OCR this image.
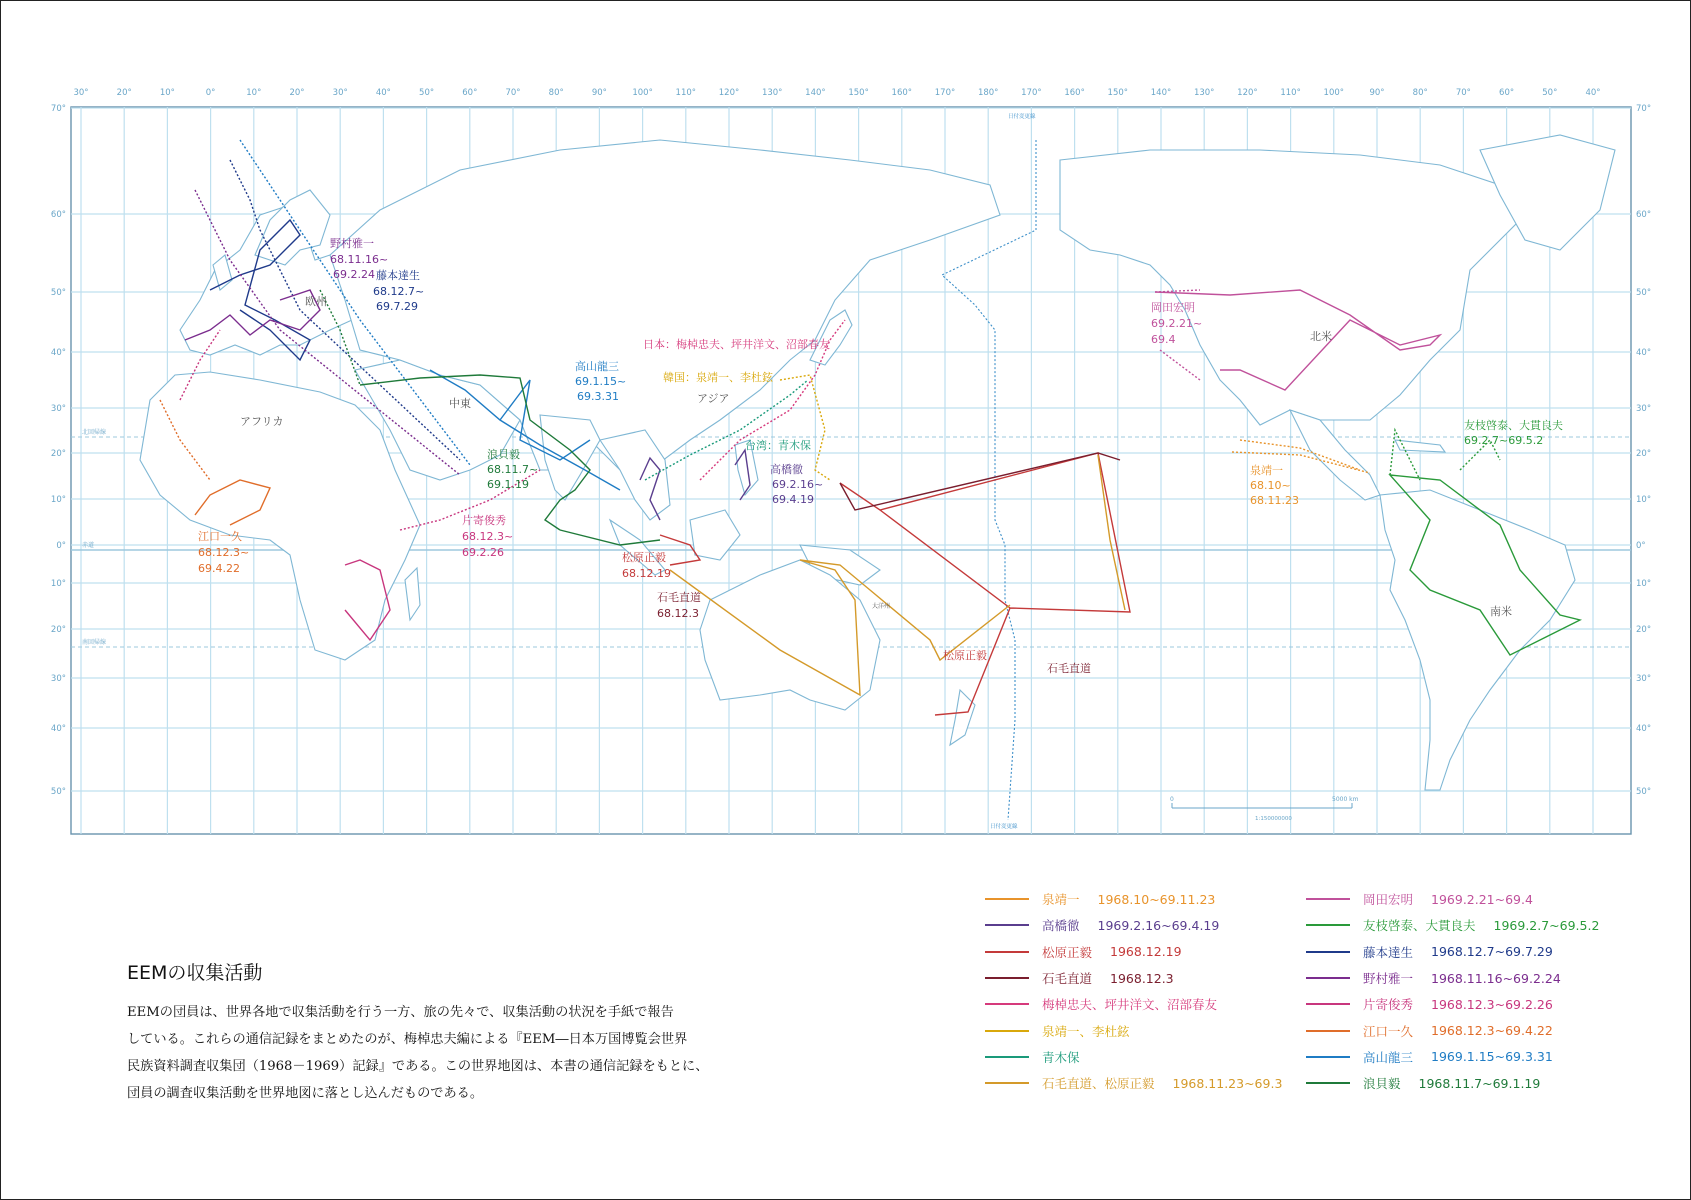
30°	20°	10°	0°	10°	20°	30°	40°	50°	60°	70°	80°	90°	100°	110°	120°	130°	140°	150°	160°	170°	180°	170°	160°	150°	140°	130°	120°	110°	100°	90°	80°	70°	60°	50°	40°
70°
60°
50°
40°
30°
20°
10°
0°
10°
20°
30°
40°
50°
70°
60°
50°
40°
30°
20°
10°
0°
10°
20°
30°
40°
50°
北回帰線
赤道
南回帰線
日付変更線
日付変更線
大洋州
欧州
アフリカ
中東	アジア
北米
南米
0	5000 km
1:150000000
野村雅一
68.11.16~
69.2.24 藤本達生
68.12.7~
69.7.29
高山龍三
69.1.15~
69.3.31
日本：梅棹忠夫、坪井洋文、沼部春友
韓国：泉靖一、李杜鉉
台湾：青木保
高橋徹
69.2.16~
69.4.19
浪貝毅
68.11.7~
69.1.19
片寄俊秀
68.12.3~
69.2.26
江口一久
68.12.3~
69.4.22
松原正毅
68.12.19
石毛直道
68.12.3
松原正毅
石毛直道
岡田宏明
69.2.21~
69.4
泉靖一
68.10~
68.11.23
友枝啓泰、大貫良夫
69.2.7~69.5.2
泉靖一 1968.10~69.11.23
高橋徹 1969.2.16~69.4.19
松原正毅 1968.12.19
石毛直道 1968.12.3
梅棹忠夫、坪井洋文、沼部春友
泉靖一、李杜鉉
青木保
石毛直道、松原正毅 1968.11.23~69.3
岡田宏明 1969.2.21~69.4
友枝啓泰、大貫良夫 1969.2.7~69.5.2
藤本達生 1968.12.7~69.7.29
野村雅一 1968.11.16~69.2.24
片寄俊秀 1968.12.3~69.2.26
江口一久 1968.12.3~69.4.22
高山龍三 1969.1.15~69.3.31
浪貝毅 1968.11.7~69.1.19
EEMの収集活動

EEMの団員は、世界各地で収集活動を行う一方、旅の先々で、収集活動の状況を手紙で報告
している。これらの通信記録をまとめたのが、梅棹忠夫編による『EEM―日本万国博覧会世界
民族資料調査収集団（1968－1969）記録』である。この世界地図は、本書の通信記録をもとに、
団員の調査収集活動を世界地図に落とし込んだものである。
